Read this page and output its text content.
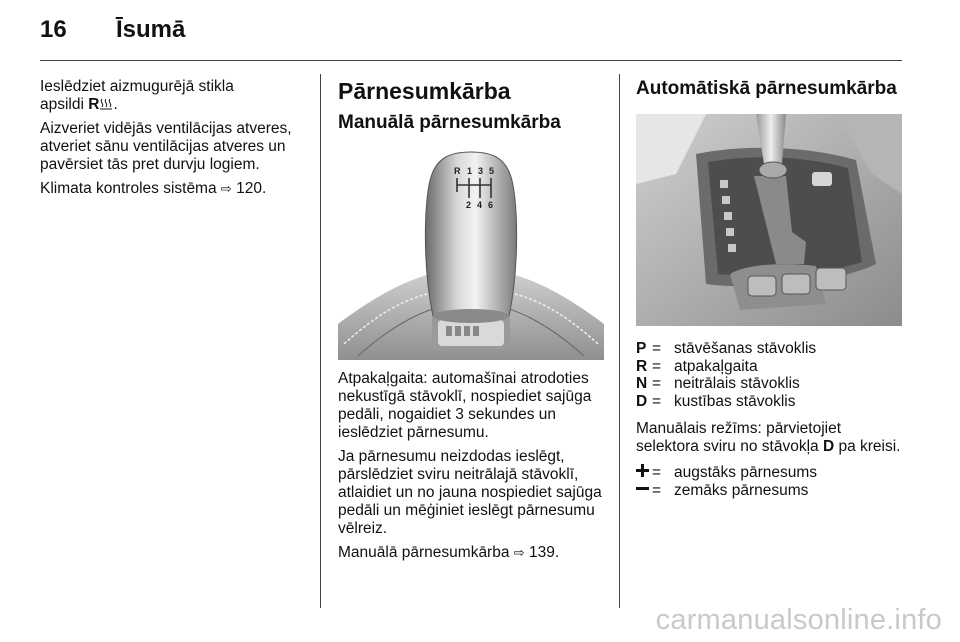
16	Īsumā

Ieslēdziet aizmugurējā stikla
apsildi R .

Aizveriet vidējās ventilācijas atveres, atveriet sānu ventilācijas atveres un pavērsiet tās pret durvju logiem.

Klimata kontroles sistēma ⇨ 120.

Pārnesumkārba
Manuālā pārnesumkārba
R 1 3 5
2 4 6

Atpakaļgaita: automašīnai atrodoties nekustīgā stāvoklī, nospiediet sajūga pedāli, nogaidiet 3 sekundes un ieslēdziet pārnesumu.

Ja pārnesumu neizdodas ieslēgt, pārslēdziet sviru neitrālajā stāvoklī, atlaidiet un no jauna nospiediet sajūga pedāli un mēģiniet ieslēgt pārnesumu vēlreiz.

Manuālā pārnesumkārba ⇨ 139.

Automātiskā pārnesumkārba
P = stāvēšanas stāvoklis
R = atpakaļgaita
N = neitrālais stāvoklis
D = kustības stāvoklis

Manuālais režīms: pārvietojiet selektora sviru no stāvokļa D pa kreisi.

= augstāks pārnesums
= zemāks pārnesums
carmanualsonline.info
